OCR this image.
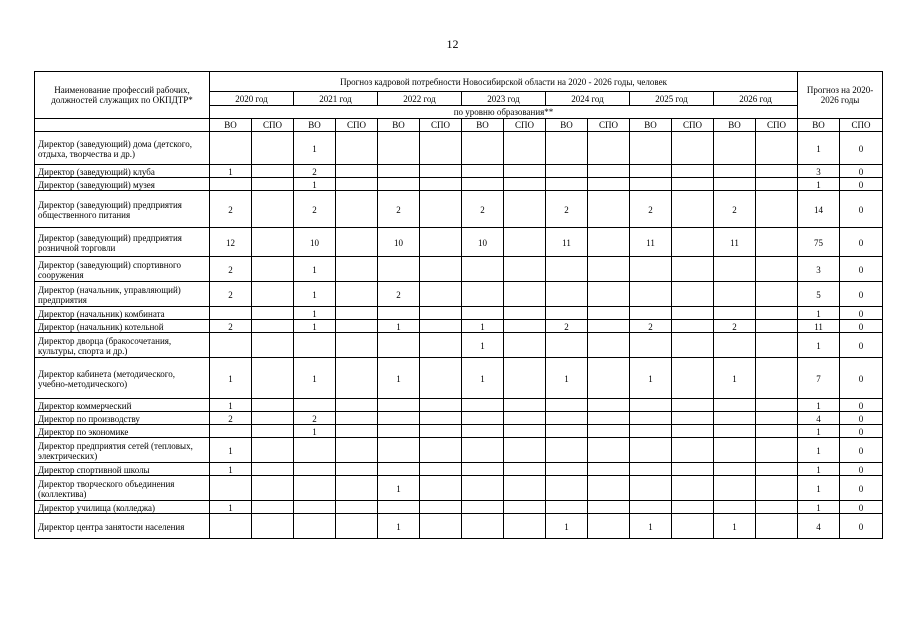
12
Наименование профессий рабочих, должностей служащих по ОКПДТР*	Прогноз кадровой потребности Новосибирской области на 2020 - 2026 годы, человек														Прогноз на 2020-2026 годы	
	2020 год		2021 год		2022 год		2023 год		2024 год		2025 год		2026 год			
	по уровню образования**															
	ВО	СПО	ВО	СПО	ВО	СПО	ВО	СПО	ВО	СПО	ВО	СПО	ВО	СПО	ВО	СПО
Директор (заведующий) дома (детского, отдыха, творчества и др.)			1												1	0
Директор (заведующий) клуба	1		2												3	0
Директор (заведующий) музея			1												1	0
Директор (заведующий) предприятия общественного питания	2		2		2		2		2		2		2		14	0
Директор (заведующий) предприятия розничной торговли	12		10		10		10		11		11		11		75	0
Директор (заведующий) спортивного сооружения	2		1												3	0
Директор (начальник, управляющий) предприятия	2		1		2										5	0
Директор (начальник) комбината			1												1	0
Директор (начальник) котельной	2		1		1		1		2		2		2		11	0
Директор дворца (бракосочетания, культуры, спорта и др.)							1								1	0
Директор кабинета (методического, учебно-методического)	1		1		1		1		1		1		1		7	0
Директор коммерческий	1														1	0
Директор по производству	2		2												4	0
Директор по экономике			1												1	0
Директор предприятия сетей (тепловых, электрических)	1														1	0
Директор спортивной школы	1														1	0
Директор творческого объединения (коллектива)					1										1	0
Директор училища (колледжа)	1														1	0
Директор центра занятости населения					1				1		1		1		4	0
